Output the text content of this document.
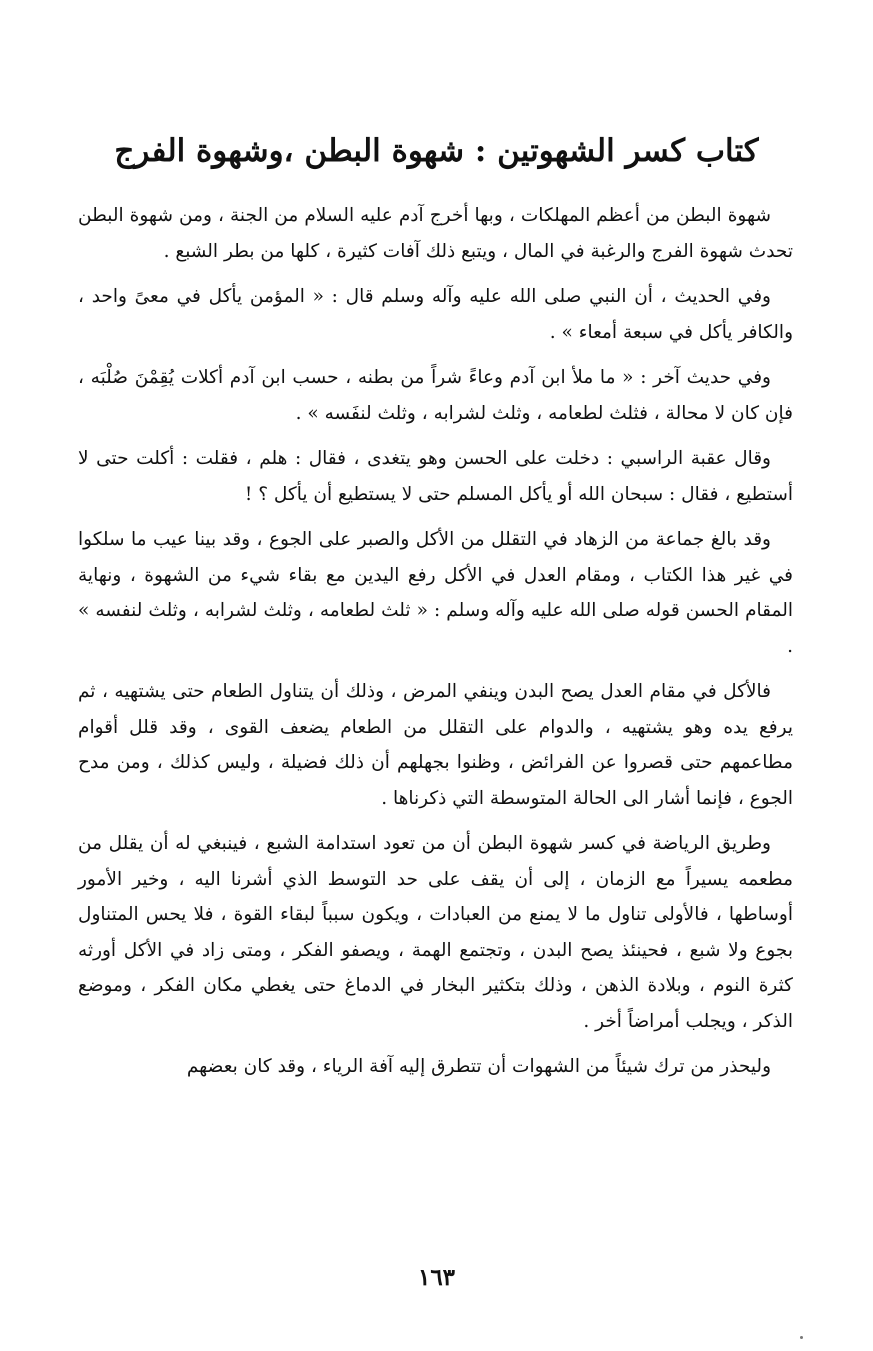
كتاب كسر الشهوتين : شهوة البطن ،وشهوة الفرج

شهوة البطن من أعظم المهلكات ، وبها أخرج آدم عليه السلام من الجنة ، ومن شهوة البطن تحدث شهوة الفرج والرغبة في المال ، ويتبع ذلك آفات كثيرة ، كلها من بطر الشبع .

وفي الحديث ، أن النبي صلى الله عليه وآله وسلم قال : « المؤمن يأكل في معىً واحد ، والكافر يأكل في سبعة أمعاء » .

وفي حديث آخر : « ما ملأ ابن آدم وعاءً شراً من بطنه ، حسب ابن آدم أكلات يُقِمْنَ صُلْبَه ، فإن كان لا محالة ، فثلث لطعامه ، وثلث لشرابه ، وثلث لنفَسه » .

وقال عقبة الراسبي : دخلت على الحسن وهو يتغدى ، فقال : هلم ، فقلت : أكلت حتى لا أستطيع ، فقال : سبحان الله أو يأكل المسلم حتى لا يستطيع أن يأكل ؟ !

وقد بالغ جماعة من الزهاد في التقلل من الأكل والصبر على الجوع ، وقد بينا عيب ما سلكوا في غير هذا الكتاب ، ومقام العدل في الأكل رفع اليدين مع بقاء شيء من الشهوة ، ونهاية المقام الحسن قوله صلى الله عليه وآله وسلم : « ثلث لطعامه ، وثلث لشرابه ، وثلث لنفسه » .

فالأكل في مقام العدل يصح البدن وينفي المرض ، وذلك أن يتناول الطعام حتى يشتهيه ، ثم يرفع يده وهو يشتهيه ، والدوام على التقلل من الطعام يضعف القوى ، وقد قلل أقوام مطاعمهم حتى قصروا عن الفرائض ، وظنوا بجهلهم أن ذلك فضيلة ، وليس كذلك ، ومن مدح الجوع ، فإنما أشار الى الحالة المتوسطة التي ذكرناها .

وطريق الرياضة في كسر شهوة البطن أن من تعود استدامة الشبع ، فينبغي له أن يقلل من مطعمه يسيراً مع الزمان ، إلى أن يقف على حد التوسط الذي أشرنا اليه ، وخير الأمور أوساطها ، فالأولى تناول ما لا يمنع من العبادات ، ويكون سبباً لبقاء القوة ، فلا يحس المتناول بجوع ولا شبع ، فحينئذ يصح البدن ، وتجتمع الهمة ، ويصفو الفكر ، ومتى زاد في الأكل أورثه كثرة النوم ، وبلادة الذهن ، وذلك بتكثير البخار في الدماغ حتى يغطي مكان الفكر ، وموضع الذكر ، ويجلب أمراضاً أخر .

وليحذر من ترك شيئاً من الشهوات أن تتطرق إليه آفة الرياء ، وقد كان بعضهم

١٦٣
